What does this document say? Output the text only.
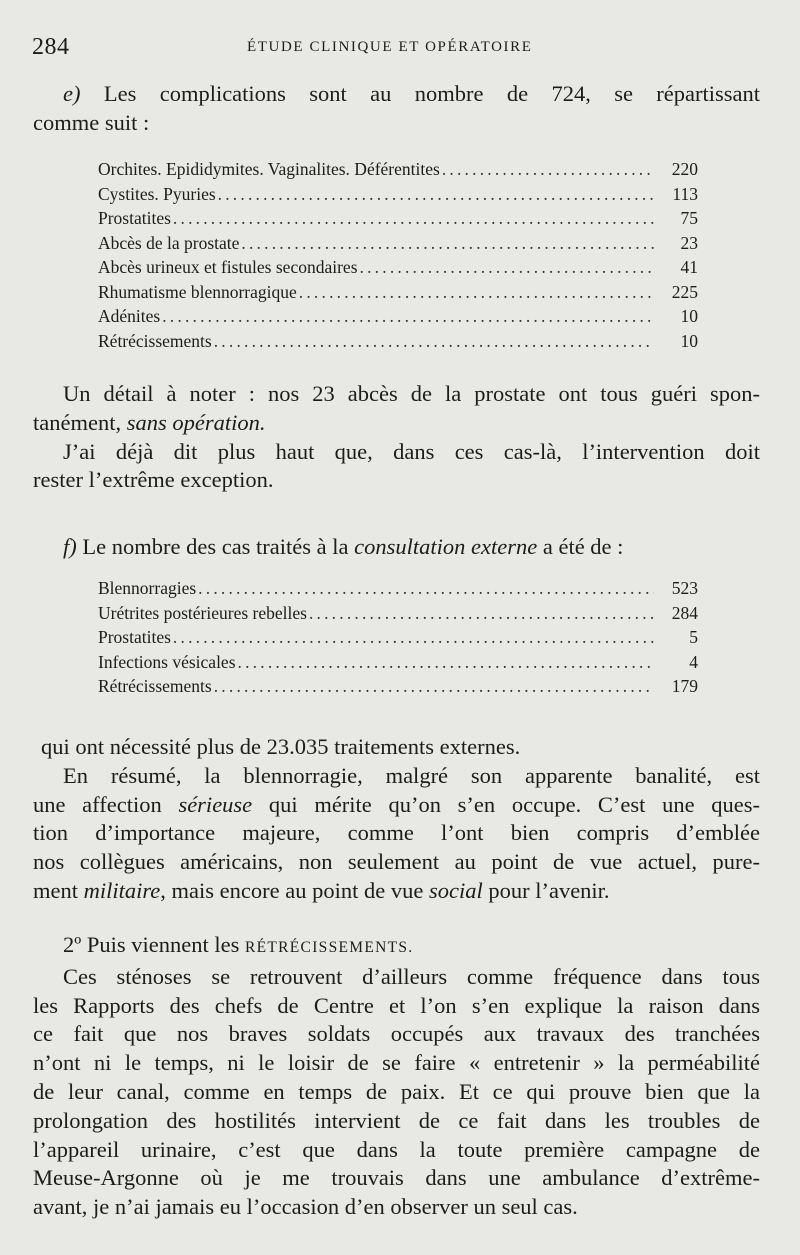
284	ÉTUDE CLINIQUE ET OPÉRATOIRE

e) Les complications sont au nombre de 724, se répartissant
comme suit :

Orchites. Epididymites. Vaginalites. Déférentites .....	220
Cystites. Pyuries .....	113
Prostatites .....	75
Abcès de la prostate .....	23
Abcès urineux et fistules secondaires .....	41
Rhumatisme blennorragique .....	225
Adénites .....	10
Rétrécissements .....	10

Un détail à noter : nos 23 abcès de la prostate ont tous guéri spon-
tanément, sans opération.
J’ai déjà dit plus haut que, dans ces cas-là, l’intervention doit
rester l’extrême exception.

f) Le nombre des cas traités à la consultation externe a été de :

Blennorragies .....	523
Urétrites postérieures rebelles .....	284
Prostatites .....	5
Infections vésicales .....	4
Rétrécissements .....	179

qui ont nécessité plus de 23.035 traitements externes.
En résumé, la blennorragie, malgré son apparente banalité, est
une affection sérieuse qui mérite qu’on s’en occupe. C’est une ques-
tion d’importance majeure, comme l’ont bien compris d’emblée
nos collègues américains, non seulement au point de vue actuel, pure-
ment militaire, mais encore au point de vue social pour l’avenir.

2º Puis viennent les RÉTRÉCISSEMENTS.
Ces sténoses se retrouvent d’ailleurs comme fréquence dans tous
les Rapports des chefs de Centre et l’on s’en explique la raison dans
ce fait que nos braves soldats occupés aux travaux des tranchées
n’ont ni le temps, ni le loisir de se faire « entretenir » la perméabilité
de leur canal, comme en temps de paix. Et ce qui prouve bien que la
prolongation des hostilités intervient de ce fait dans les troubles de
l’appareil urinaire, c’est que dans la toute première campagne de
Meuse-Argonne où je me trouvais dans une ambulance d’extrême-
avant, je n’ai jamais eu l’occasion d’en observer un seul cas.
